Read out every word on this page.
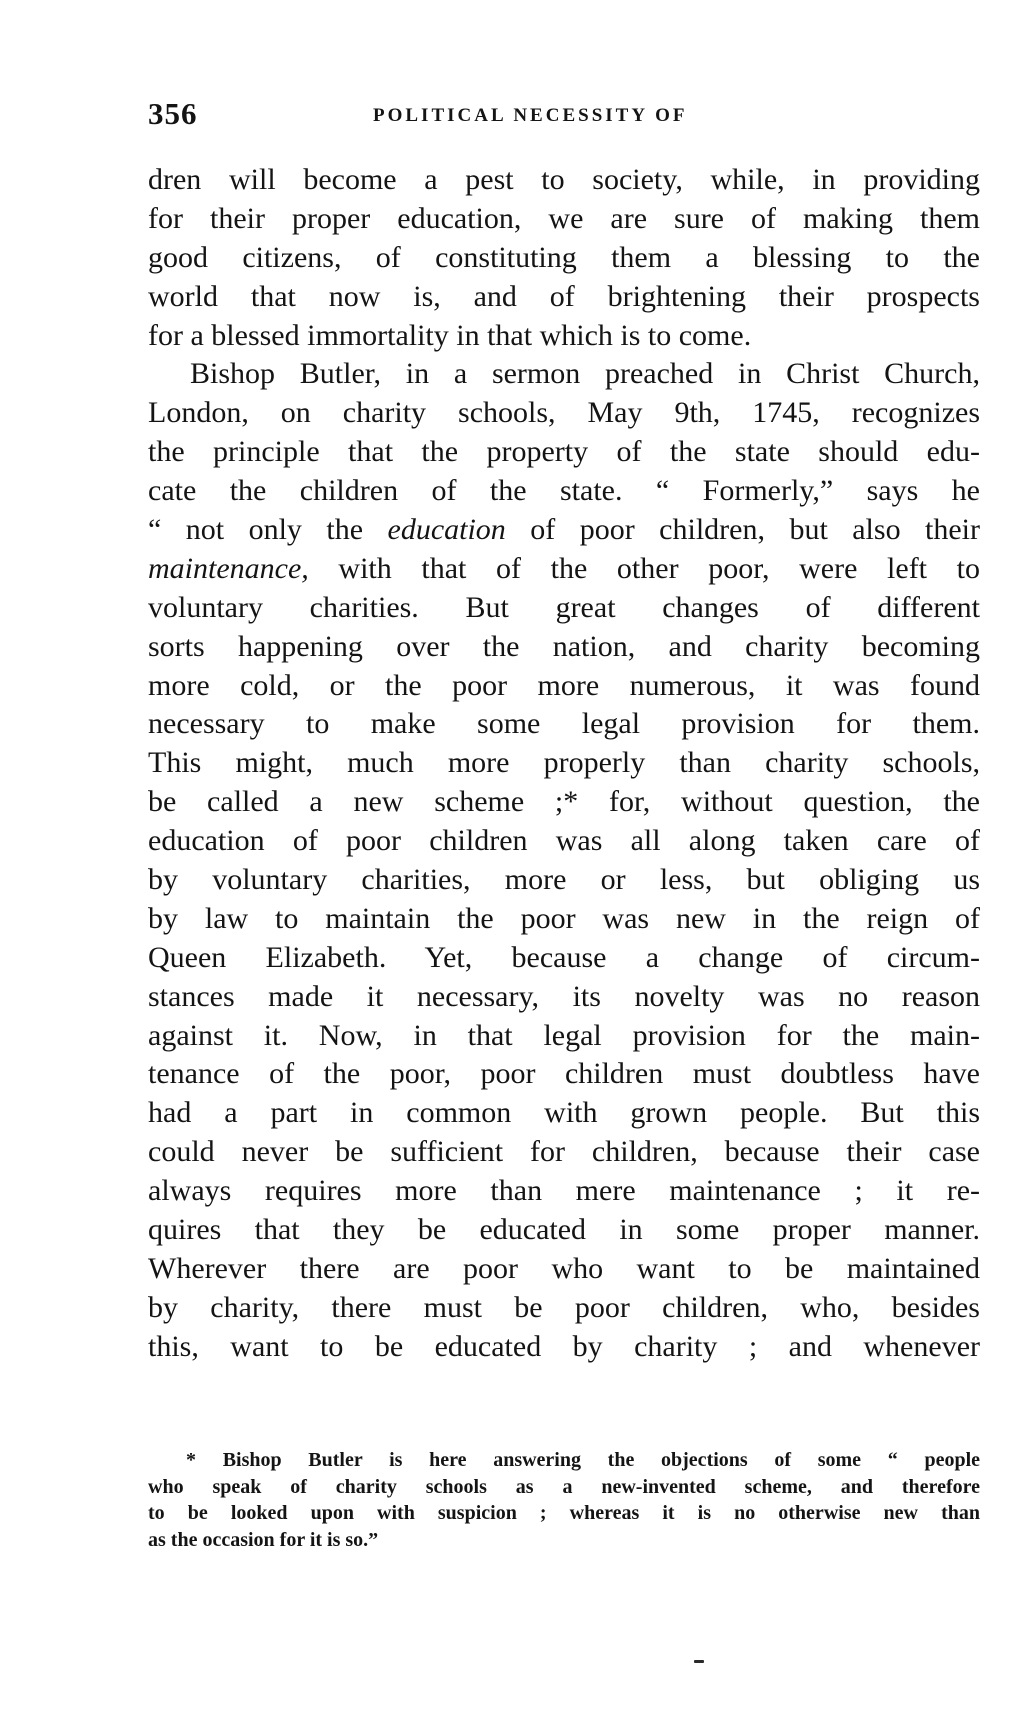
356	POLITICAL NECESSITY OF
dren will become a pest to society, while, in providing
for their proper education, we are sure of making them
good citizens, of constituting them a blessing to the
world that now is, and of brightening their prospects
for a blessed immortality in that which is to come.
Bishop Butler, in a sermon preached in Christ Church,
London, on charity schools, May 9th, 1745, recognizes
the principle that the property of the state should edu-
cate the children of the state. “ Formerly,” says he
“ not only the education of poor children, but also their
maintenance, with that of the other poor, were left to
voluntary charities. But great changes of different
sorts happening over the nation, and charity becoming
more cold, or the poor more numerous, it was found
necessary to make some legal provision for them.
This might, much more properly than charity schools,
be called a new scheme ;* for, without question, the
education of poor children was all along taken care of
by voluntary charities, more or less, but obliging us
by law to maintain the poor was new in the reign of
Queen Elizabeth. Yet, because a change of circum-
stances made it necessary, its novelty was no reason
against it. Now, in that legal provision for the main-
tenance of the poor, poor children must doubtless have
had a part in common with grown people. But this
could never be sufficient for children, because their case
always requires more than mere maintenance ; it re-
quires that they be educated in some proper manner.
Wherever there are poor who want to be maintained
by charity, there must be poor children, who, besides
this, want to be educated by charity ; and whenever
* Bishop Butler is here answering the objections of some “ people
who speak of charity schools as a new-invented scheme, and therefore
to be looked upon with suspicion ; whereas it is no otherwise new than
as the occasion for it is so.”
